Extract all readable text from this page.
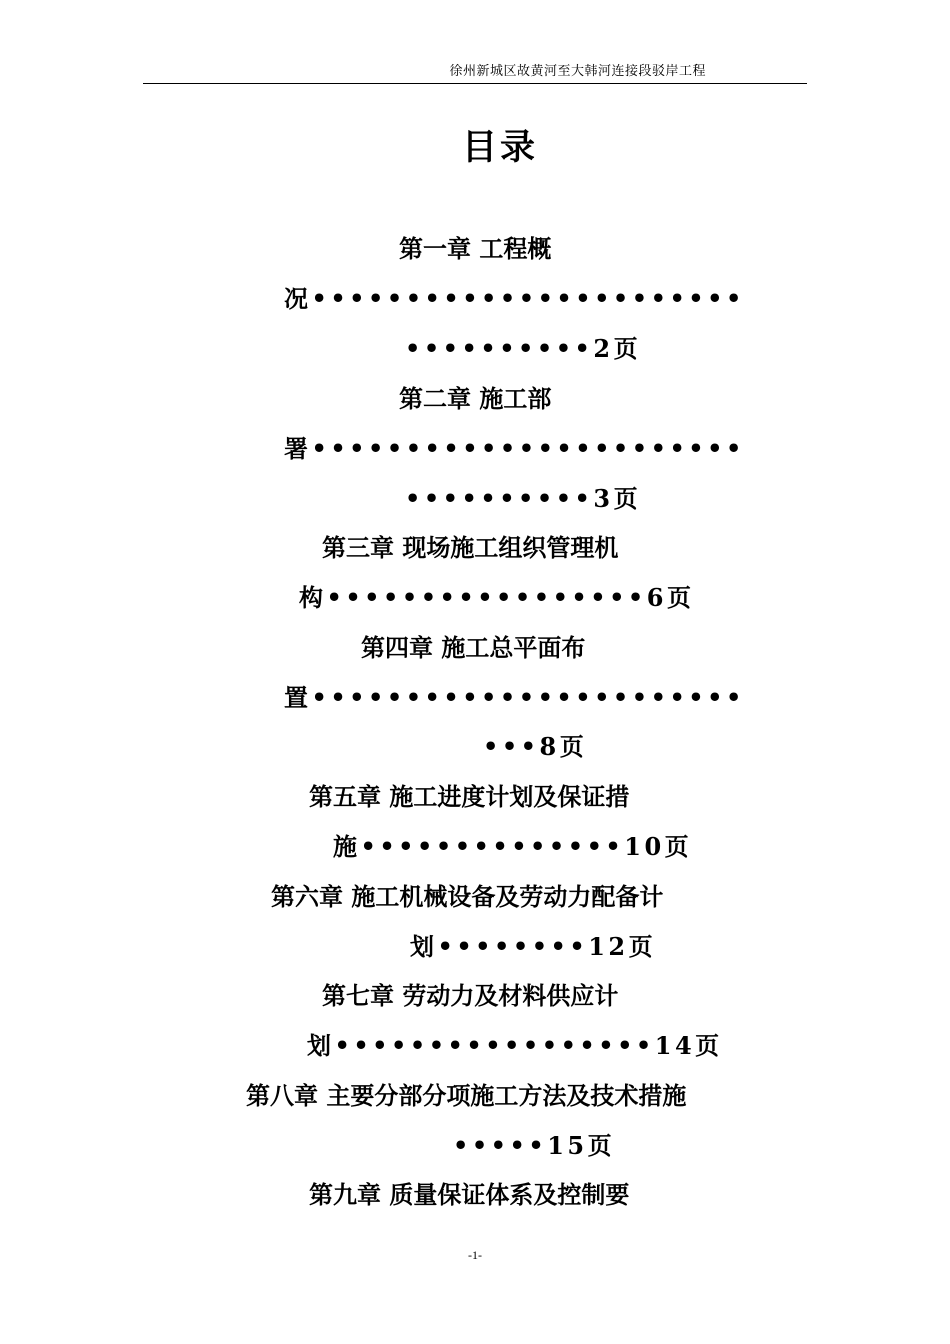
徐州新城区故黄河至大韩河连接段驳岸工程
目录
第一章 工程概
况•••••••••••••••••••••••
••••••••••2页
第二章 施工部
署•••••••••••••••••••••••
••••••••••3页
第三章 现场施工组织管理机
构•••••••••••••••••6页
第四章 施工总平面布
置•••••••••••••••••••••••
•••8页
第五章 施工进度计划及保证措
施••••••••••••••10页
第六章 施工机械设备及劳动力配备计
划••••••••12页
第七章 劳动力及材料供应计
划•••••••••••••••••14页
第八章 主要分部分项施工方法及技术措施
•••••15页
第九章 质量保证体系及控制要
-1-
